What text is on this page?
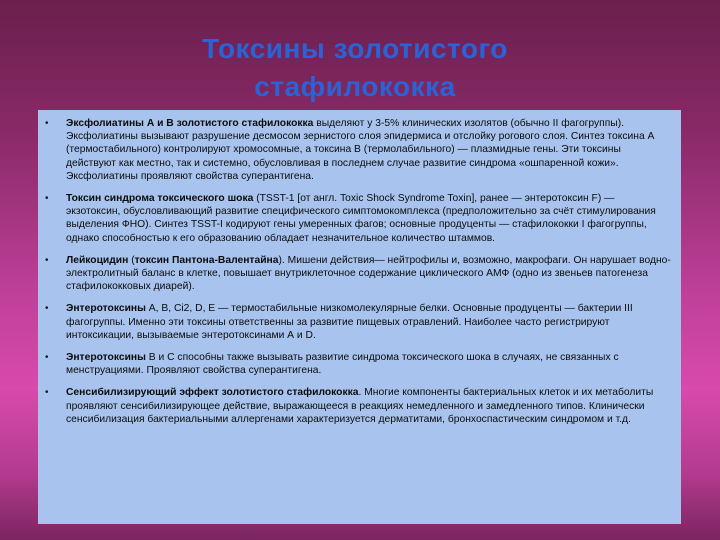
Токсины золотистого
стафилококка
• Эксфолиатины А и В золотистого стафилококка выделяют у 3-5% клинических изолятов (обычно II фагогруппы). Эксфолиатины вызывают разрушение десмосом зернистого слоя эпидермиса и отслойку рогового слоя. Синтез токсина А (термостабильного) контролируют хромосомные, а токсина В (термолабильного) — плазмидные гены. Эти токсины действуют как местно, так и системно, обусловливая в последнем случае развитие синдрома «ошпаренной кожи». Эксфолиатины проявляют свойства суперантигена.
• Токсин синдрома токсического шока (TSST-1 [от англ. Toxic Shock Syndrome Toxin], ранее — энтеротоксин F) — экзотоксин, обусловливающий развитие специфического симптомокомплекса (предположительно за счёт стимулирования выделения ФНО). Синтез TSST-I кодируют гены умеренных фагов; основные продуценты — стафилококки I фагогруппы, однако способностью к его образованию обладает незначительное количество штаммов.
• Лейкоцидин (токсин Пантона-Валентайна). Мишени действия— нейтрофилы и, возможно, макрофаги. Он нарушает водно-электролитный баланс в клетке, повышает внутриклеточное содержание циклического АМФ (одно из звеньев патогенеза стафилококковых диарей).
• Энтеротоксины А, В, Ci2, D, Е — термостабильные низкомолекулярные белки. Основные продуценты — бактерии III фагогруппы. Именно эти токсины ответственны за развитие пищевых отравлений. Наиболее часто регистрируют интоксикации, вызываемые энтеротоксинами А и D.
• Энтеротоксины В и С способны также вызывать развитие синдрома токсического шока в случаях, не связанных с менструациями. Проявляют свойства суперантигена.
• Сенсибилизирующий эффект золотистого стафилококка. Многие компоненты бактериальных клеток и их метаболиты проявляют сенсибилизирующее действие, выражающееся в реакциях немедленного и замедленного типов. Клинически сенсибилизация бактериальными аллергенами характеризуется дерматитами, бронхоспастическим синдромом и т.д.
